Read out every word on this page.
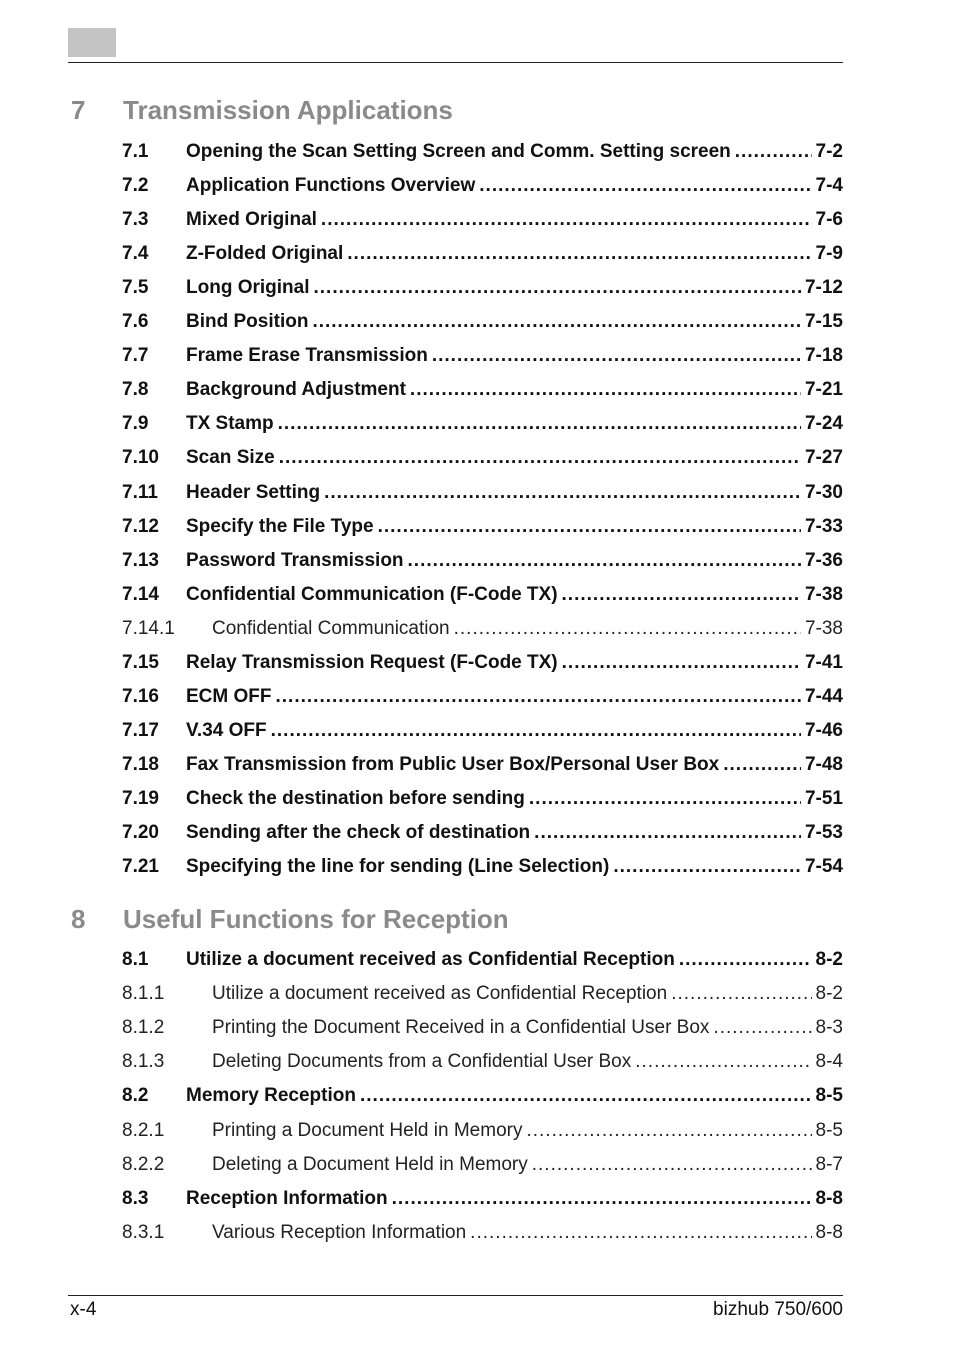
7 Transmission Applications
7.1 Opening the Scan Setting Screen and Comm. Setting screen .....	7-2
7.2 Application Functions Overview .....	7-4
7.3 Mixed Original .....	7-6
7.4 Z-Folded Original .....	7-9
7.5 Long Original .....	7-12
7.6 Bind Position .....	7-15
7.7 Frame Erase Transmission .....	7-18
7.8 Background Adjustment .....	7-21
7.9 TX Stamp .....	7-24
7.10 Scan Size .....	7-27
7.11 Header Setting .....	7-30
7.12 Specify the File Type .....	7-33
7.13 Password Transmission .....	7-36
7.14 Confidential Communication (F-Code TX) .....	7-38
7.14.1 Confidential Communication .....	7-38
7.15 Relay Transmission Request (F-Code TX) .....	7-41
7.16 ECM OFF .....	7-44
7.17 V.34 OFF .....	7-46
7.18 Fax Transmission from Public User Box/Personal User Box .....	7-48
7.19 Check the destination before sending .....	7-51
7.20 Sending after the check of destination .....	7-53
7.21 Specifying the line for sending (Line Selection) .....	7-54
8 Useful Functions for Reception
8.1 Utilize a document received as Confidential Reception .....	8-2
8.1.1	Utilize a document received as Confidential Reception .....	8-2
8.1.2	Printing the Document Received in a Confidential User Box .....	8-3
8.1.3	Deleting Documents from a Confidential User Box .....	8-4
8.2 Memory Reception .....	8-5
8.2.1	Printing a Document Held in Memory .....	8-5
8.2.2	Deleting a Document Held in Memory .....	8-7
8.3 Reception Information .....	8-8
8.3.1	Various Reception Information .....	8-8
x-4	bizhub 750/600
